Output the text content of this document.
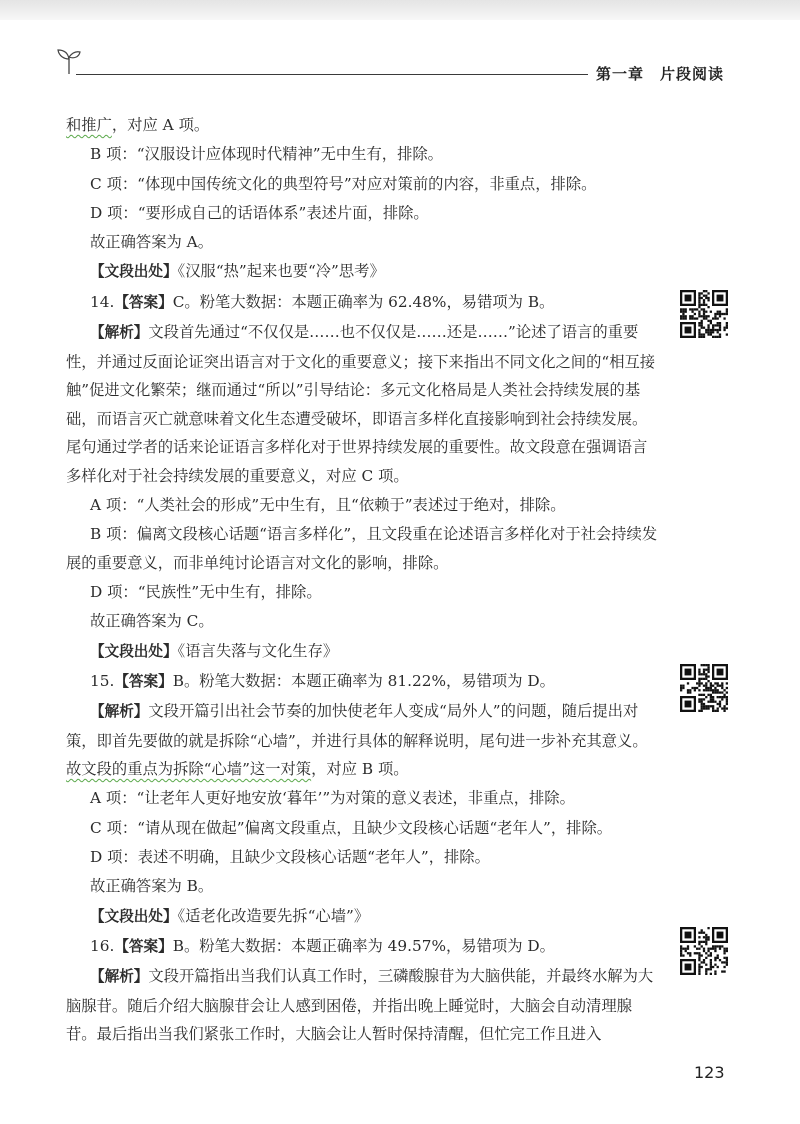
第一章　片段阅读

和推广，对应 A 项。

B 项：“汉服设计应体现时代精神”无中生有，排除。

C 项：“体现中国传统文化的典型符号”对应对策前的内容，非重点，排除。

D 项：“要形成自己的话语体系”表述片面，排除。

故正确答案为 A。

【文段出处】《汉服“热”起来也要“冷”思考》

14.【答案】C。粉笔大数据：本题正确率为 62.48%，易错项为 B。

【解析】文段首先通过“不仅仅是……也不仅仅是……还是……”论述了语言的重要性，并通过反面论证突出语言对于文化的重要意义；接下来指出不同文化之间的“相互接触”促进文化繁荣；继而通过“所以”引导结论：多元文化格局是人类社会持续发展的基础，而语言灭亡就意味着文化生态遭受破坏，即语言多样化直接影响到社会持续发展。尾句通过学者的话来论证语言多样化对于世界持续发展的重要性。故文段意在强调语言多样化对于社会持续发展的重要意义，对应 C 项。

A 项：“人类社会的形成”无中生有，且“依赖于”表述过于绝对，排除。

B 项：偏离文段核心话题“语言多样化”，且文段重在论述语言多样化对于社会持续发展的重要意义，而非单纯讨论语言对文化的影响，排除。

D 项：“民族性”无中生有，排除。

故正确答案为 C。

【文段出处】《语言失落与文化生存》

15.【答案】B。粉笔大数据：本题正确率为 81.22%，易错项为 D。

【解析】文段开篇引出社会节奏的加快使老年人变成“局外人”的问题，随后提出对策，即首先要做的就是拆除“心墙”，并进行具体的解释说明，尾句进一步补充其意义。故文段的重点为拆除“心墙”这一对策，对应 B 项。

A 项：“让老年人更好地安放‘暮年’”为对策的意义表述，非重点，排除。

C 项：“请从现在做起”偏离文段重点，且缺少文段核心话题“老年人”，排除。

D 项：表述不明确，且缺少文段核心话题“老年人”，排除。

故正确答案为 B。

【文段出处】《适老化改造要先拆“心墙”》

16.【答案】B。粉笔大数据：本题正确率为 49.57%，易错项为 D。

【解析】文段开篇指出当我们认真工作时，三磷酸腺苷为大脑供能，并最终水解为大脑腺苷。随后介绍大脑腺苷会让人感到困倦，并指出晚上睡觉时，大脑会自动清理腺苷。最后指出当我们紧张工作时，大脑会让人暂时保持清醒，但忙完工作且进入

123
